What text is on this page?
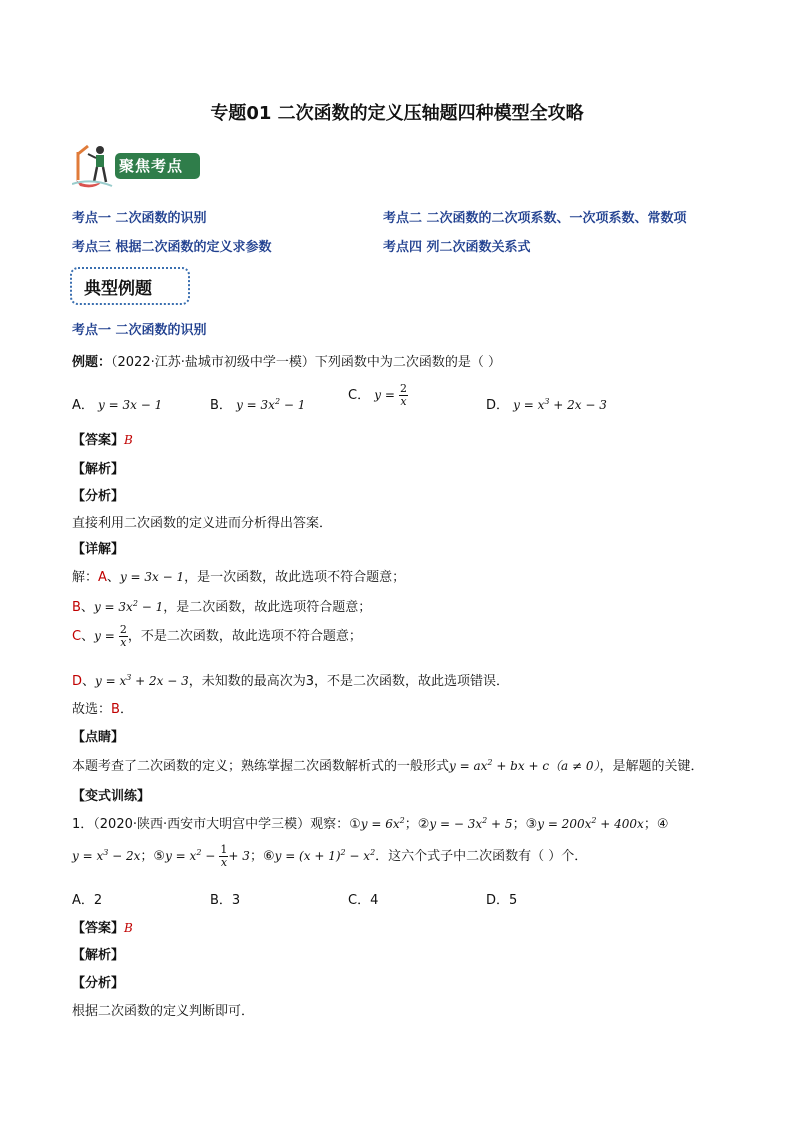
专题01 二次函数的定义压轴题四种模型全攻略
聚焦考点
考点一 二次函数的识别	考点二 二次函数的二次项系数、一次项系数、常数项
考点三 根据二次函数的定义求参数	考点四 列二次函数关系式
典型例题
考点一 二次函数的识别
例题：（2022·江苏·盐城市初级中学一模）下列函数中为二次函数的是（ ）
A． y = 3x − 1	B． $y = 3x^2 - 1$
C． $y = \frac{2}{x}$	D． $y = x^3 + 2x - 3$
【答案】B
【解析】
【分析】
直接利用二次函数的定义进而分析得出答案．
【详解】
解：A、y = 3x − 1，是一次函数，故此选项不符合题意；
B、$y = 3x^2 - 1$，是二次函数，故此选项符合题意；
C、$y = \frac{2}{x}$ ，不是二次函数，故此选项不符合题意；
D、$y = x^3 + 2x - 3$，未知数的最高次为3，不是二次函数，故此选项错误．
故选：B．
【点睛】
本题考查了二次函数的定义；熟练掌握二次函数解析式的一般形式$y = ax^2$ + bx + c（a ≠ 0），是解题的关键．
【变式训练】
1．（2020·陕西·西安市大明宫中学三模）观察：①y = $6x^2$；②y = − $3x^2 + 5$；③y = $200x^2 + 400x$；④
$y = x^3 - 2x$；⑤y = $x^2 - \frac{1}{x} + 3$；⑥y = $(x + 1)^2 - x^2$．这六个式子中二次函数有（ ）个．
A．2	B．3	C．4	D．5
【答案】B
【解析】
【分析】
根据二次函数的定义判断即可．
